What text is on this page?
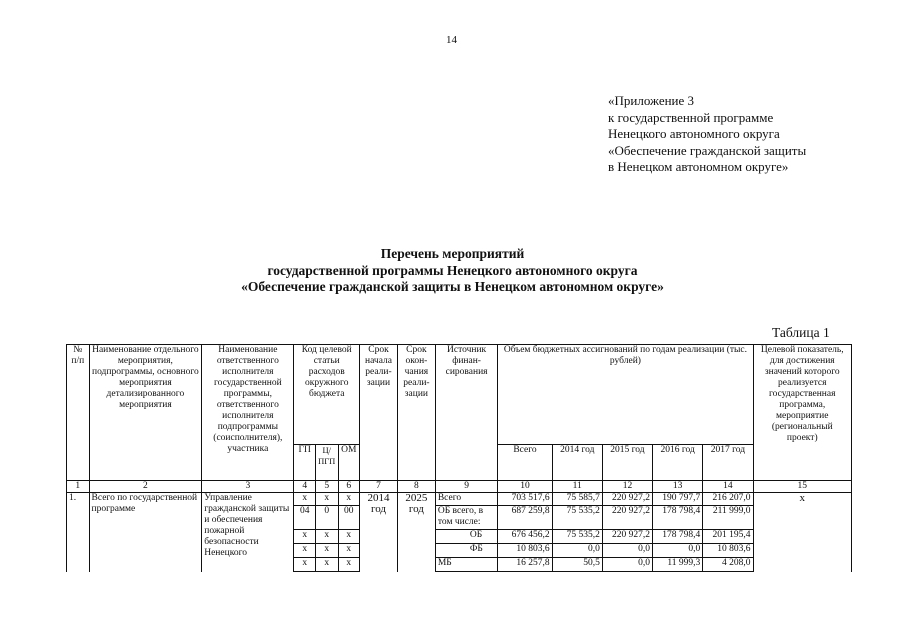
14
«Приложение 3
к государственной программе
Ненецкого автономного округа
«Обеспечение гражданской защиты
в Ненецком автономном округе»
Перечень мероприятий
государственной программы Ненецкого автономного округа
«Обеспечение гражданской защиты в Ненецком автономном округе»
Таблица 1
№ п/п	Наименование отдельного мероприятия, подпрограммы, основного мероприятия детализированного мероприятия	Наименование ответственного исполнителя государственной программы, ответственного исполнителя подпрограммы (соисполнителя), участника	Код целевой статьи расходов окружного бюджета			Срок начала реали-зации	Срок окон-чания реали-зации	Источник финан-сирования	Объем бюджетных ассигнований по годам реализации (тыс. рублей)					Целевой показатель, для достижения значений которого реализуется государственная программа, мероприятие (региональный проект)
			ГП	Ц/ ПГП	ОМ				Всего	2014 год	2015 год	2016 год	2017 год	
1	2	3	4	5	6	7	8	9	10	11	12	13	14	15
1.	Всего по государственной программе	Управление гражданской защиты и обеспечения пожарной безопасности Ненецкого	х	х	х	2014 год	2025 год	Всего	703 517,6	75 585,7	220 927,2	190 797,7	216 207,0	х
			04	0	00			ОБ всего, в том числе:	687 259,8	75 535,2	220 927,2	178 798,4	211 999,0	
			х	х	х			ОБ	676 456,2	75 535,2	220 927,2	178 798,4	201 195,4	
			х	х	х			ФБ	10 803,6	0,0	0,0	0,0	10 803,6	
			х	х	х			МБ	16 257,8	50,5	0,0	11 999,3	4 208,0	
